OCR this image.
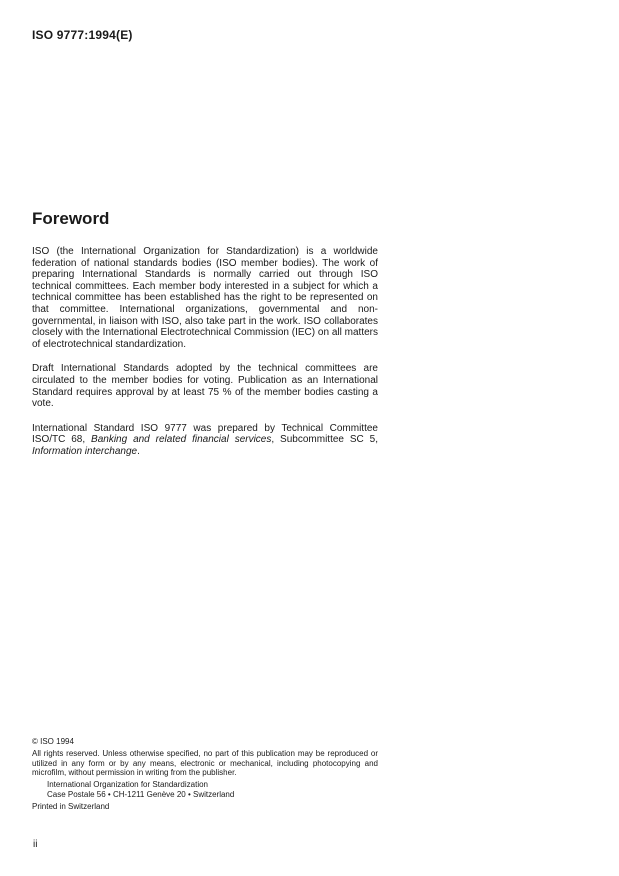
ISO 9777:1994(E)
Foreword

ISO (the International Organization for Standardization) is a worldwide federation of national standards bodies (ISO member bodies). The work of preparing International Standards is normally carried out through ISO technical committees. Each member body interested in a subject for which a technical committee has been established has the right to be represented on that committee. International organizations, governmental and non-governmental, in liaison with ISO, also take part in the work. ISO collaborates closely with the International Electrotechnical Commission (IEC) on all matters of electrotechnical standardization.

Draft International Standards adopted by the technical committees are circulated to the member bodies for voting. Publication as an International Standard requires approval by at least 75 % of the member bodies casting a vote.

International Standard ISO 9777 was prepared by Technical Committee ISO/TC 68, Banking and related financial services, Subcommittee SC 5, Information interchange.

© ISO 1994
All rights reserved. Unless otherwise specified, no part of this publication may be reproduced or utilized in any form or by any means, electronic or mechanical, including photocopying and microfilm, without permission in writing from the publisher.
International Organization for Standardization
Case Postale 56 • CH-1211 Genève 20 • Switzerland
Printed in Switzerland
ii
